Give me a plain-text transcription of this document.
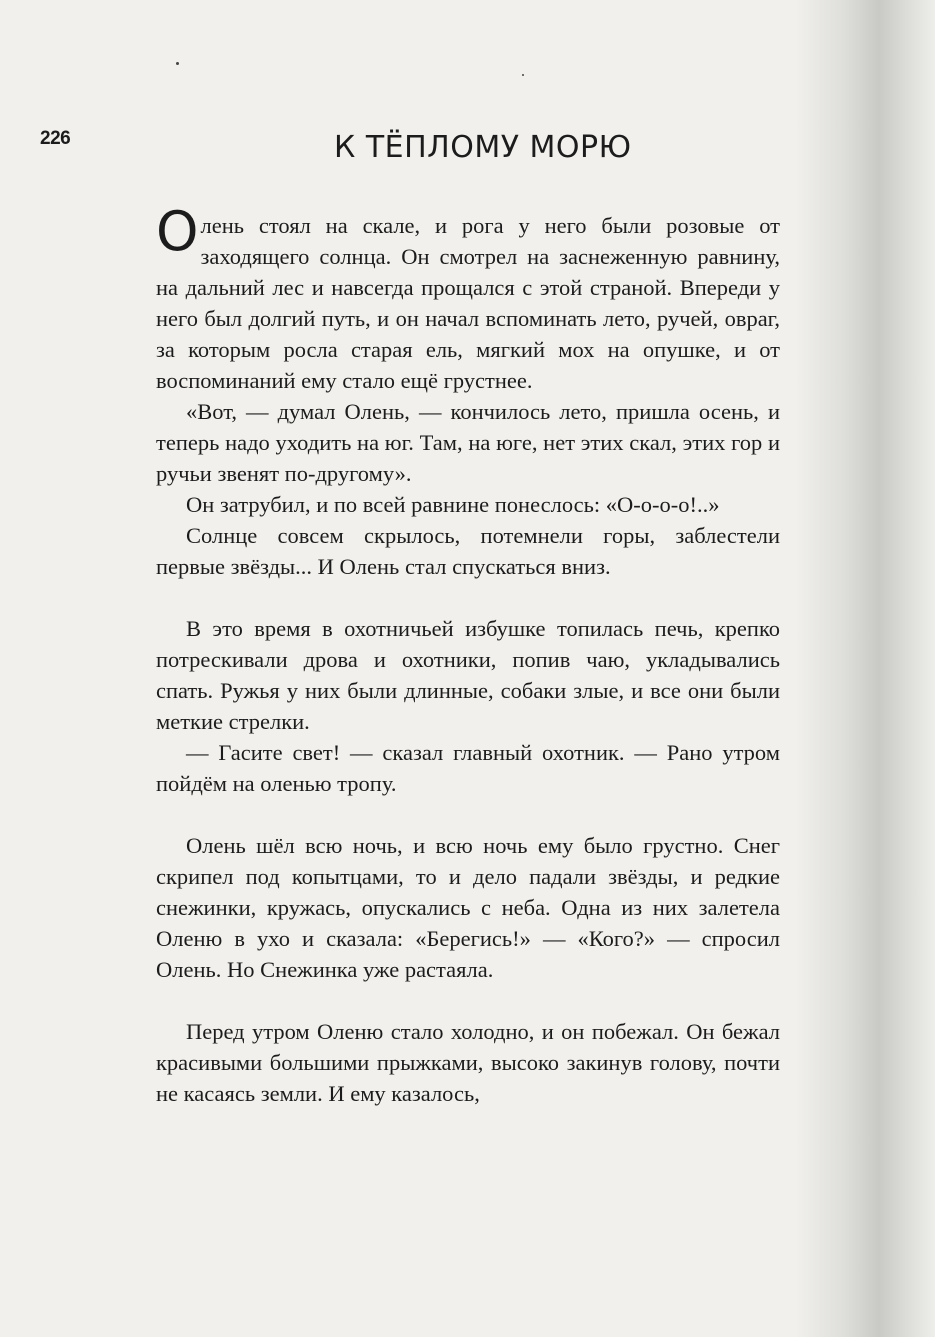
226	К ТЁПЛОМУ МОРЮ

Олень стоял на скале, и рога у него были розовые от заходящего солнца. Он смотрел на заснеженную равнину, на дальний лес и навсегда прощался с этой страной. Впереди у него был долгий путь, и он начал вспоминать лето, ручей, овраг, за которым росла старая ель, мягкий мох на опушке, и от воспоминаний ему стало ещё грустнее.

«Вот, — думал Олень, — кончилось лето, пришла осень, и теперь надо уходить на юг. Там, на юге, нет этих скал, этих гор и ручьи звенят по-другому».

Он затрубил, и по всей равнине понеслось: «О-о-о-о!..»

Солнце совсем скрылось, потемнели горы, заблестели первые звёзды... И Олень стал спускаться вниз.

В это время в охотничьей избушке топилась печь, крепко потрескивали дрова и охотники, попив чаю, укладывались спать. Ружья у них были длинные, собаки злые, и все они были меткие стрелки.

— Гасите свет! — сказал главный охотник. — Рано утром пойдём на оленью тропу.

Олень шёл всю ночь, и всю ночь ему было грустно. Снег скрипел под копытцами, то и дело падали звёзды, и редкие снежинки, кружась, опускались с неба. Одна из них залетела Оленю в ухо и сказала: «Берегись!» — «Кого?» — спросил Олень. Но Снежинка уже растаяла.

Перед утром Оленю стало холодно, и он побежал. Он бежал красивыми большими прыжками, высоко закинув голову, почти не касаясь земли. И ему казалось,
